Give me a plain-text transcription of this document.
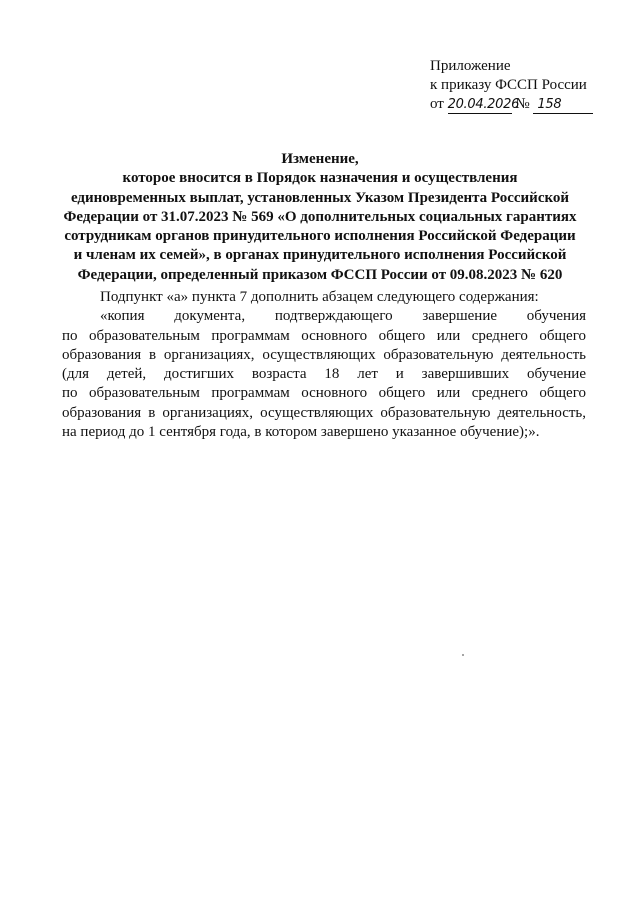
Приложение
к приказу ФССП России
от 20.04.2026 № 158
Изменение,
которое вносится в Порядок назначения и осуществления
единовременных выплат, установленных Указом Президента Российской
Федерации от 31.07.2023 № 569 «О дополнительных социальных гарантиях
сотрудникам органов принудительного исполнения Российской Федерации
и членам их семей», в органах принудительного исполнения Российской
Федерации, определенный приказом ФССП России от 09.08.2023 № 620
Подпункт «а» пункта 7 дополнить абзацем следующего содержания:
«копия документа, подтверждающего завершение обучения
по образовательным программам основного общего или среднего общего
образования в организациях, осуществляющих образовательную деятельность
(для детей, достигших возраста 18 лет и завершивших обучение
по образовательным программам основного общего или среднего общего
образования в организациях, осуществляющих образовательную деятельность,
на период до 1 сентября года, в котором завершено указанное обучение);».
